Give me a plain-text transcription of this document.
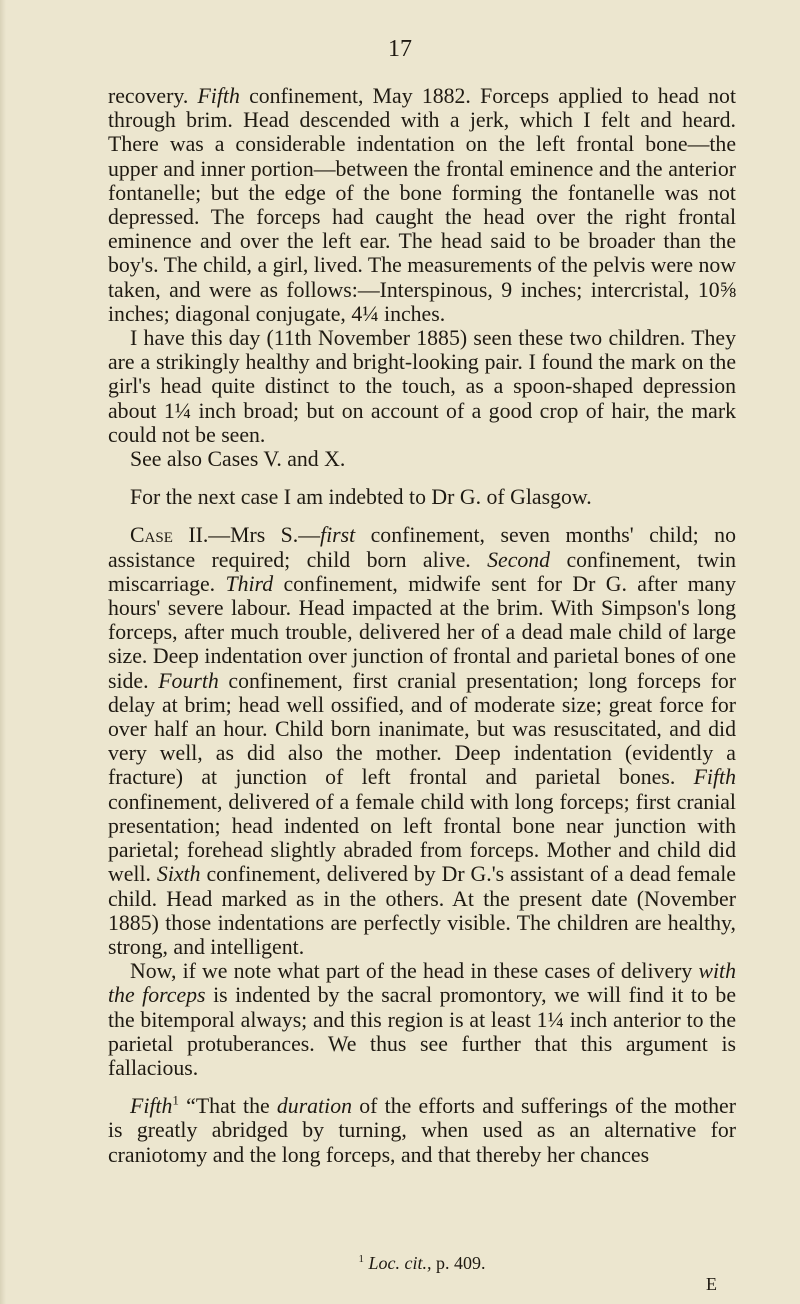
17

recovery. Fifth confinement, May 1882. Forceps applied to head not through brim. Head descended with a jerk, which I felt and heard. There was a considerable indentation on the left frontal bone—the upper and inner portion—between the frontal eminence and the anterior fontanelle; but the edge of the bone forming the fontanelle was not depressed. The forceps had caught the head over the right frontal eminence and over the left ear. The head said to be broader than the boy's. The child, a girl, lived. The measurements of the pelvis were now taken, and were as follows:—Interspinous, 9 inches; intercristal, 10⅝ inches; diagonal conjugate, 4¼ inches.

I have this day (11th November 1885) seen these two children. They are a strikingly healthy and bright-looking pair. I found the mark on the girl's head quite distinct to the touch, as a spoon-shaped depression about 1¼ inch broad; but on account of a good crop of hair, the mark could not be seen.

See also Cases V. and X.

For the next case I am indebted to Dr G. of Glasgow.

Case II.—Mrs S.—first confinement, seven months' child; no assistance required; child born alive. Second confinement, twin miscarriage. Third confinement, midwife sent for Dr G. after many hours' severe labour. Head impacted at the brim. With Simpson's long forceps, after much trouble, delivered her of a dead male child of large size. Deep indentation over junction of frontal and parietal bones of one side. Fourth confinement, first cranial presentation; long forceps for delay at brim; head well ossified, and of moderate size; great force for over half an hour. Child born inanimate, but was resuscitated, and did very well, as did also the mother. Deep indentation (evidently a fracture) at junction of left frontal and parietal bones. Fifth confinement, delivered of a female child with long forceps; first cranial presentation; head indented on left frontal bone near junction with parietal; forehead slightly abraded from forceps. Mother and child did well. Sixth confinement, delivered by Dr G.'s assistant of a dead female child. Head marked as in the others. At the present date (November 1885) those indentations are perfectly visible. The children are healthy, strong, and intelligent.

Now, if we note what part of the head in these cases of delivery with the forceps is indented by the sacral promontory, we will find it to be the bitemporal always; and this region is at least 1¼ inch anterior to the parietal protuberances. We thus see further that this argument is fallacious.

Fifth$^1$ “That the duration of the efforts and sufferings of the mother is greatly abridged by turning, when used as an alternative for craniotomy and the long forceps, and that thereby her chances

$^1$ Loc. cit., p. 409.
E
